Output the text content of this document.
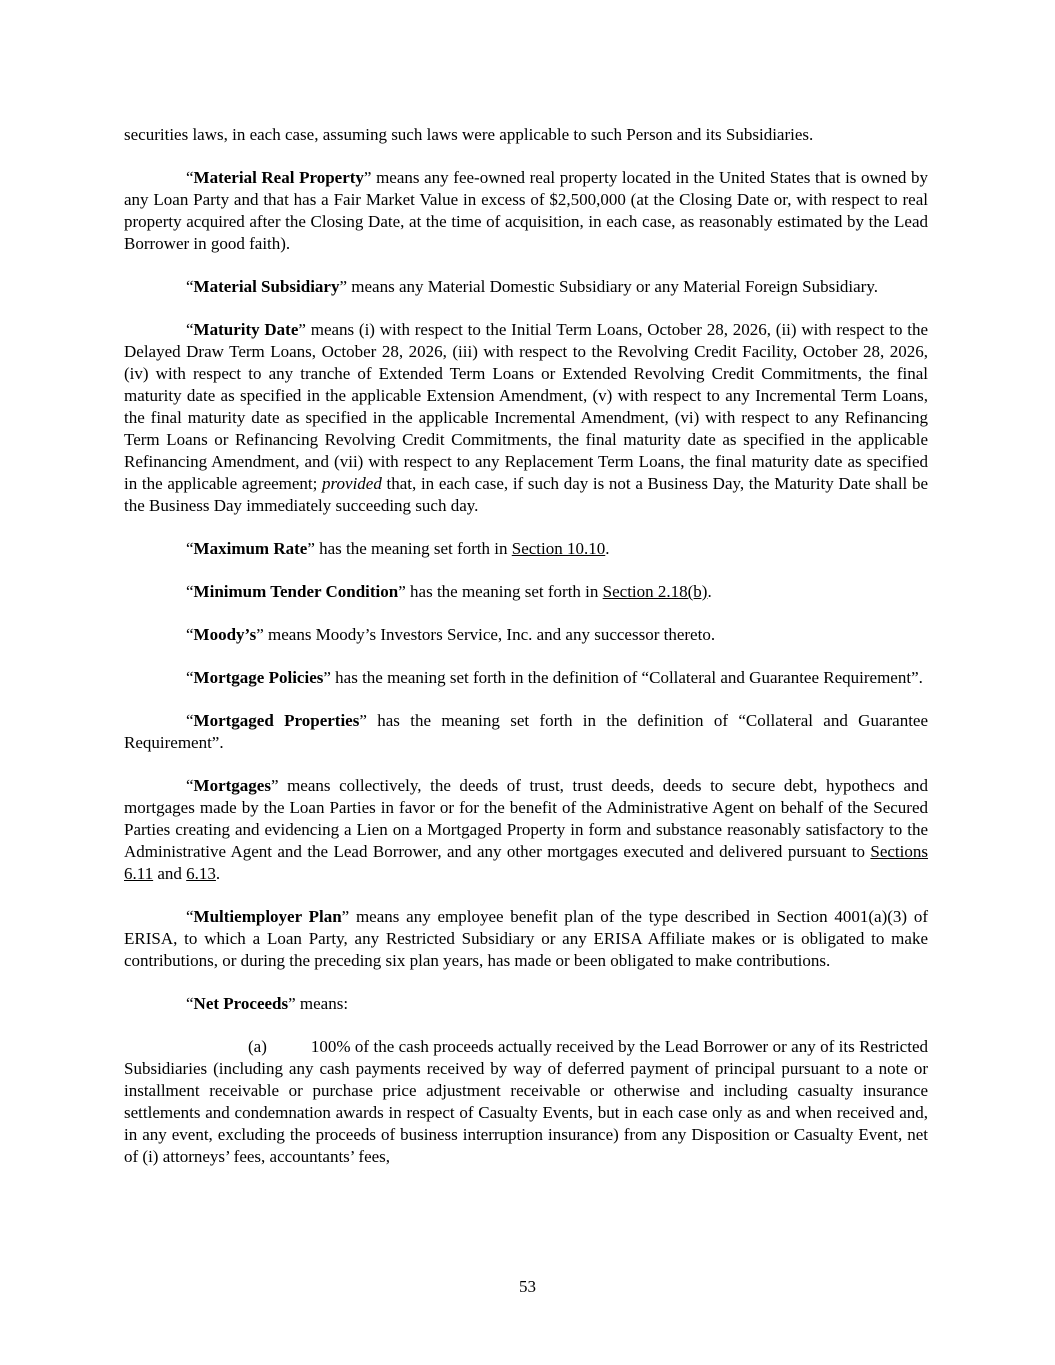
securities laws, in each case, assuming such laws were applicable to such Person and its Subsidiaries.

“Material Real Property” means any fee-owned real property located in the United States that is owned by any Loan Party and that has a Fair Market Value in excess of $2,500,000 (at the Closing Date or, with respect to real property acquired after the Closing Date, at the time of acquisition, in each case, as reasonably estimated by the Lead Borrower in good faith).

“Material Subsidiary” means any Material Domestic Subsidiary or any Material Foreign Subsidiary.

“Maturity Date” means (i) with respect to the Initial Term Loans, October 28, 2026, (ii) with respect to the Delayed Draw Term Loans, October 28, 2026, (iii) with respect to the Revolving Credit Facility, October 28, 2026, (iv) with respect to any tranche of Extended Term Loans or Extended Revolving Credit Commitments, the final maturity date as specified in the applicable Extension Amendment, (v) with respect to any Incremental Term Loans, the final maturity date as specified in the applicable Incremental Amendment, (vi) with respect to any Refinancing Term Loans or Refinancing Revolving Credit Commitments, the final maturity date as specified in the applicable Refinancing Amendment, and (vii) with respect to any Replacement Term Loans, the final maturity date as specified in the applicable agreement; provided that, in each case, if such day is not a Business Day, the Maturity Date shall be the Business Day immediately succeeding such day.

“Maximum Rate” has the meaning set forth in Section 10.10.

“Minimum Tender Condition” has the meaning set forth in Section 2.18(b).

“Moody’s” means Moody’s Investors Service, Inc. and any successor thereto.

“Mortgage Policies” has the meaning set forth in the definition of “Collateral and Guarantee Requirement”.

“Mortgaged Properties” has the meaning set forth in the definition of “Collateral and Guarantee Requirement”.

“Mortgages” means collectively, the deeds of trust, trust deeds, deeds to secure debt, hypothecs and mortgages made by the Loan Parties in favor or for the benefit of the Administrative Agent on behalf of the Secured Parties creating and evidencing a Lien on a Mortgaged Property in form and substance reasonably satisfactory to the Administrative Agent and the Lead Borrower, and any other mortgages executed and delivered pursuant to Sections 6.11 and 6.13.

“Multiemployer Plan” means any employee benefit plan of the type described in Section 4001(a)(3) of ERISA, to which a Loan Party, any Restricted Subsidiary or any ERISA Affiliate makes or is obligated to make contributions, or during the preceding six plan years, has made or been obligated to make contributions.

“Net Proceeds” means:

(a)	100% of the cash proceeds actually received by the Lead Borrower or any of its Restricted Subsidiaries (including any cash payments received by way of deferred payment of principal pursuant to a note or installment receivable or purchase price adjustment receivable or otherwise and including casualty insurance settlements and condemnation awards in respect of Casualty Events, but in each case only as and when received and, in any event, excluding the proceeds of business interruption insurance) from any Disposition or Casualty Event, net of (i) attorneys’ fees, accountants’ fees,

53
